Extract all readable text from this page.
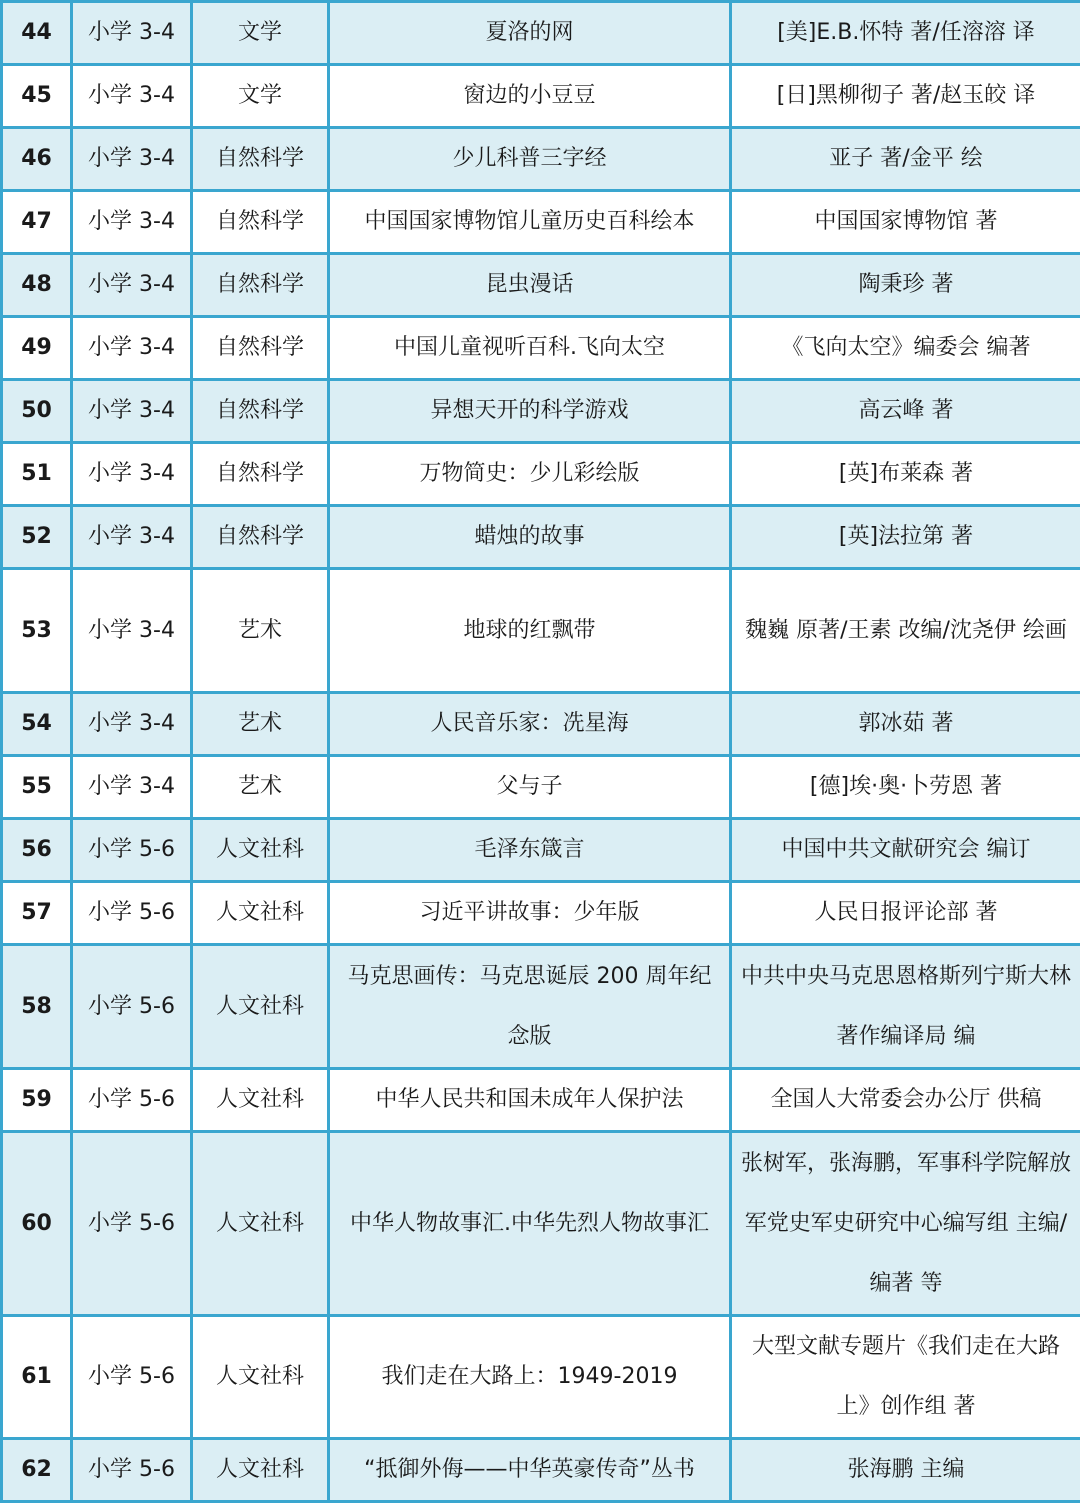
44	小学 3-4	文学	夏洛的网	[美]E.B.怀特 著/任溶溶 译
45	小学 3-4	文学	窗边的小豆豆	[日]黑柳彻子 著/赵玉皎 译
46	小学 3-4	自然科学	少儿科普三字经	亚子 著/金平 绘
47	小学 3-4	自然科学	中国国家博物馆儿童历史百科绘本	中国国家博物馆 著
48	小学 3-4	自然科学	昆虫漫话	陶秉珍 著
49	小学 3-4	自然科学	中国儿童视听百科.飞向太空	《飞向太空》编委会 编著
50	小学 3-4	自然科学	异想天开的科学游戏	高云峰 著
51	小学 3-4	自然科学	万物简史：少儿彩绘版	[英]布莱森 著
52	小学 3-4	自然科学	蜡烛的故事	[英]法拉第 著
53	小学 3-4	艺术	地球的红飘带	魏巍 原著/王素 改编/沈尧伊 绘画
54	小学 3-4	艺术	人民音乐家：冼星海	郭冰茹 著
55	小学 3-4	艺术	父与子	[德]埃·奥·卜劳恩 著
56	小学 5-6	人文社科	毛泽东箴言	中国中共文献研究会 编订
57	小学 5-6	人文社科	习近平讲故事：少年版	人民日报评论部 著
58	小学 5-6	人文社科	马克思画传：马克思诞辰 200 周年纪念版	中共中央马克思恩格斯列宁斯大林著作编译局 编
59	小学 5-6	人文社科	中华人民共和国未成年人保护法	全国人大常委会办公厅 供稿
60	小学 5-6	人文社科	中华人物故事汇.中华先烈人物故事汇	张树军，张海鹏，军事科学院解放军党史军史研究中心编写组 主编/编著 等
61	小学 5-6	人文社科	我们走在大路上：1949-2019	大型文献专题片《我们走在大路上》创作组 著
62	小学 5-6	人文社科	“抵御外侮——中华英豪传奇”丛书	张海鹏 主编
